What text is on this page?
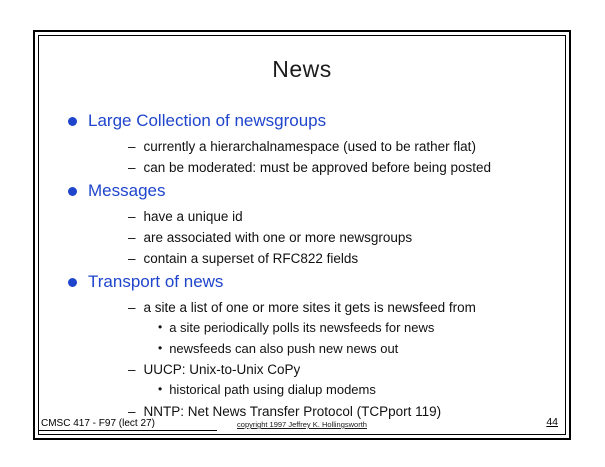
News
Large Collection of newsgroups
– currently a hierarchalnamespace (used to be rather flat)
– can be moderated: must be approved before being posted
Messages
– have a unique id
– are associated with one or more newsgroups
– contain a superset of RFC822 fields
Transport of news
– a site a list of one or more sites it gets is newsfeed from
• a site periodically polls its newsfeeds for news
• newsfeeds can also push new news out
– UUCP: Unix-to-Unix CoPy
• historical path using dialup modems
– NNTP: Net News Transfer Protocol (TCPport 119)
CMSC 417 - F97 (lect 27)	copyright 1997 Jeffrey K. Hollingsworth	44
